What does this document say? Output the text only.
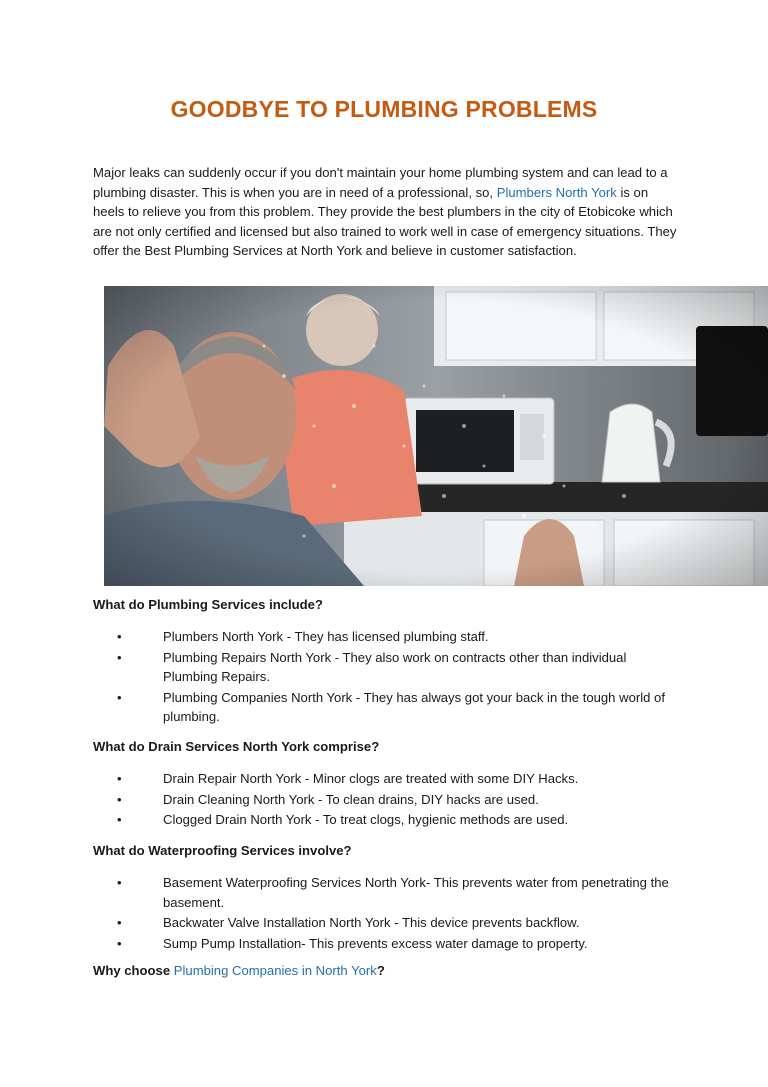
GOODBYE TO PLUMBING PROBLEMS

Major leaks can suddenly occur if you don't maintain your home plumbing system and can lead to a plumbing disaster. This is when you are in need of a professional, so, Plumbers North York is on heels to relieve you from this problem. They provide the best plumbers in the city of Etobicoke which are not only certified and licensed but also trained to work well in case of emergency situations. They offer the Best Plumbing Services at North York and believe in customer satisfaction.

What do Plumbing Services include?

•	Plumbers North York - They has licensed plumbing staff.
•	Plumbing Repairs North York - They also work on contracts other than individual Plumbing Repairs.
•	Plumbing Companies North York - They has always got your back in the tough world of plumbing.

What do Drain Services North York comprise?

•	Drain Repair North York - Minor clogs are treated with some DIY Hacks.
•	Drain Cleaning North York - To clean drains, DIY hacks are used.
•	Clogged Drain North York - To treat clogs, hygienic methods are used.

What do Waterproofing Services involve?

•	Basement Waterproofing Services North York- This prevents water from penetrating the basement.
•	Backwater Valve Installation North York - This device prevents backflow.
•	Sump Pump Installation- This prevents excess water damage to property.

Why choose Plumbing Companies in North York?
